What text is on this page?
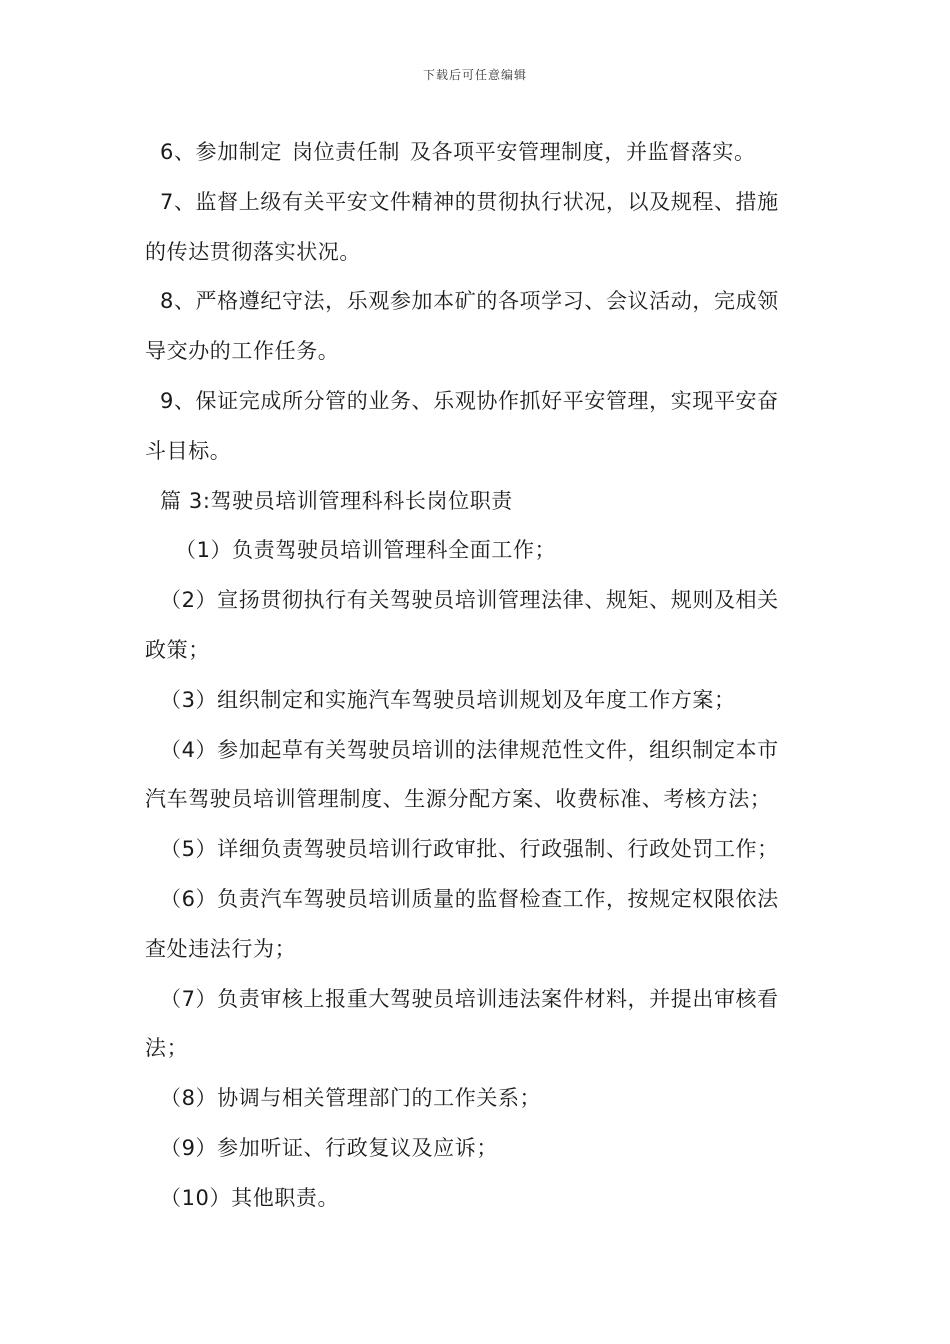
下载后可任意编辑
6、参加制定 岗位责任制 及各项平安管理制度，并监督落实。
7、监督上级有关平安文件精神的贯彻执行状况，以及规程、措施
的传达贯彻落实状况。
8、严格遵纪守法，乐观参加本矿的各项学习、会议活动，完成领
导交办的工作任务。
9、保证完成所分管的业务、乐观协作抓好平安管理，实现平安奋
斗目标。
篇 3:驾驶员培训管理科科长岗位职责
（1）负责驾驶员培训管理科全面工作；
（2）宣扬贯彻执行有关驾驶员培训管理法律、规矩、规则及相关
政策；
（3）组织制定和实施汽车驾驶员培训规划及年度工作方案；
（4）参加起草有关驾驶员培训的法律规范性文件，组织制定本市
汽车驾驶员培训管理制度、生源分配方案、收费标准、考核方法；
（5）详细负责驾驶员培训行政审批、行政强制、行政处罚工作；
（6）负责汽车驾驶员培训质量的监督检查工作，按规定权限依法
查处违法行为；
（7）负责审核上报重大驾驶员培训违法案件材料，并提出审核看
法；
（8）协调与相关管理部门的工作关系；
（9）参加听证、行政复议及应诉；
（10）其他职责。
